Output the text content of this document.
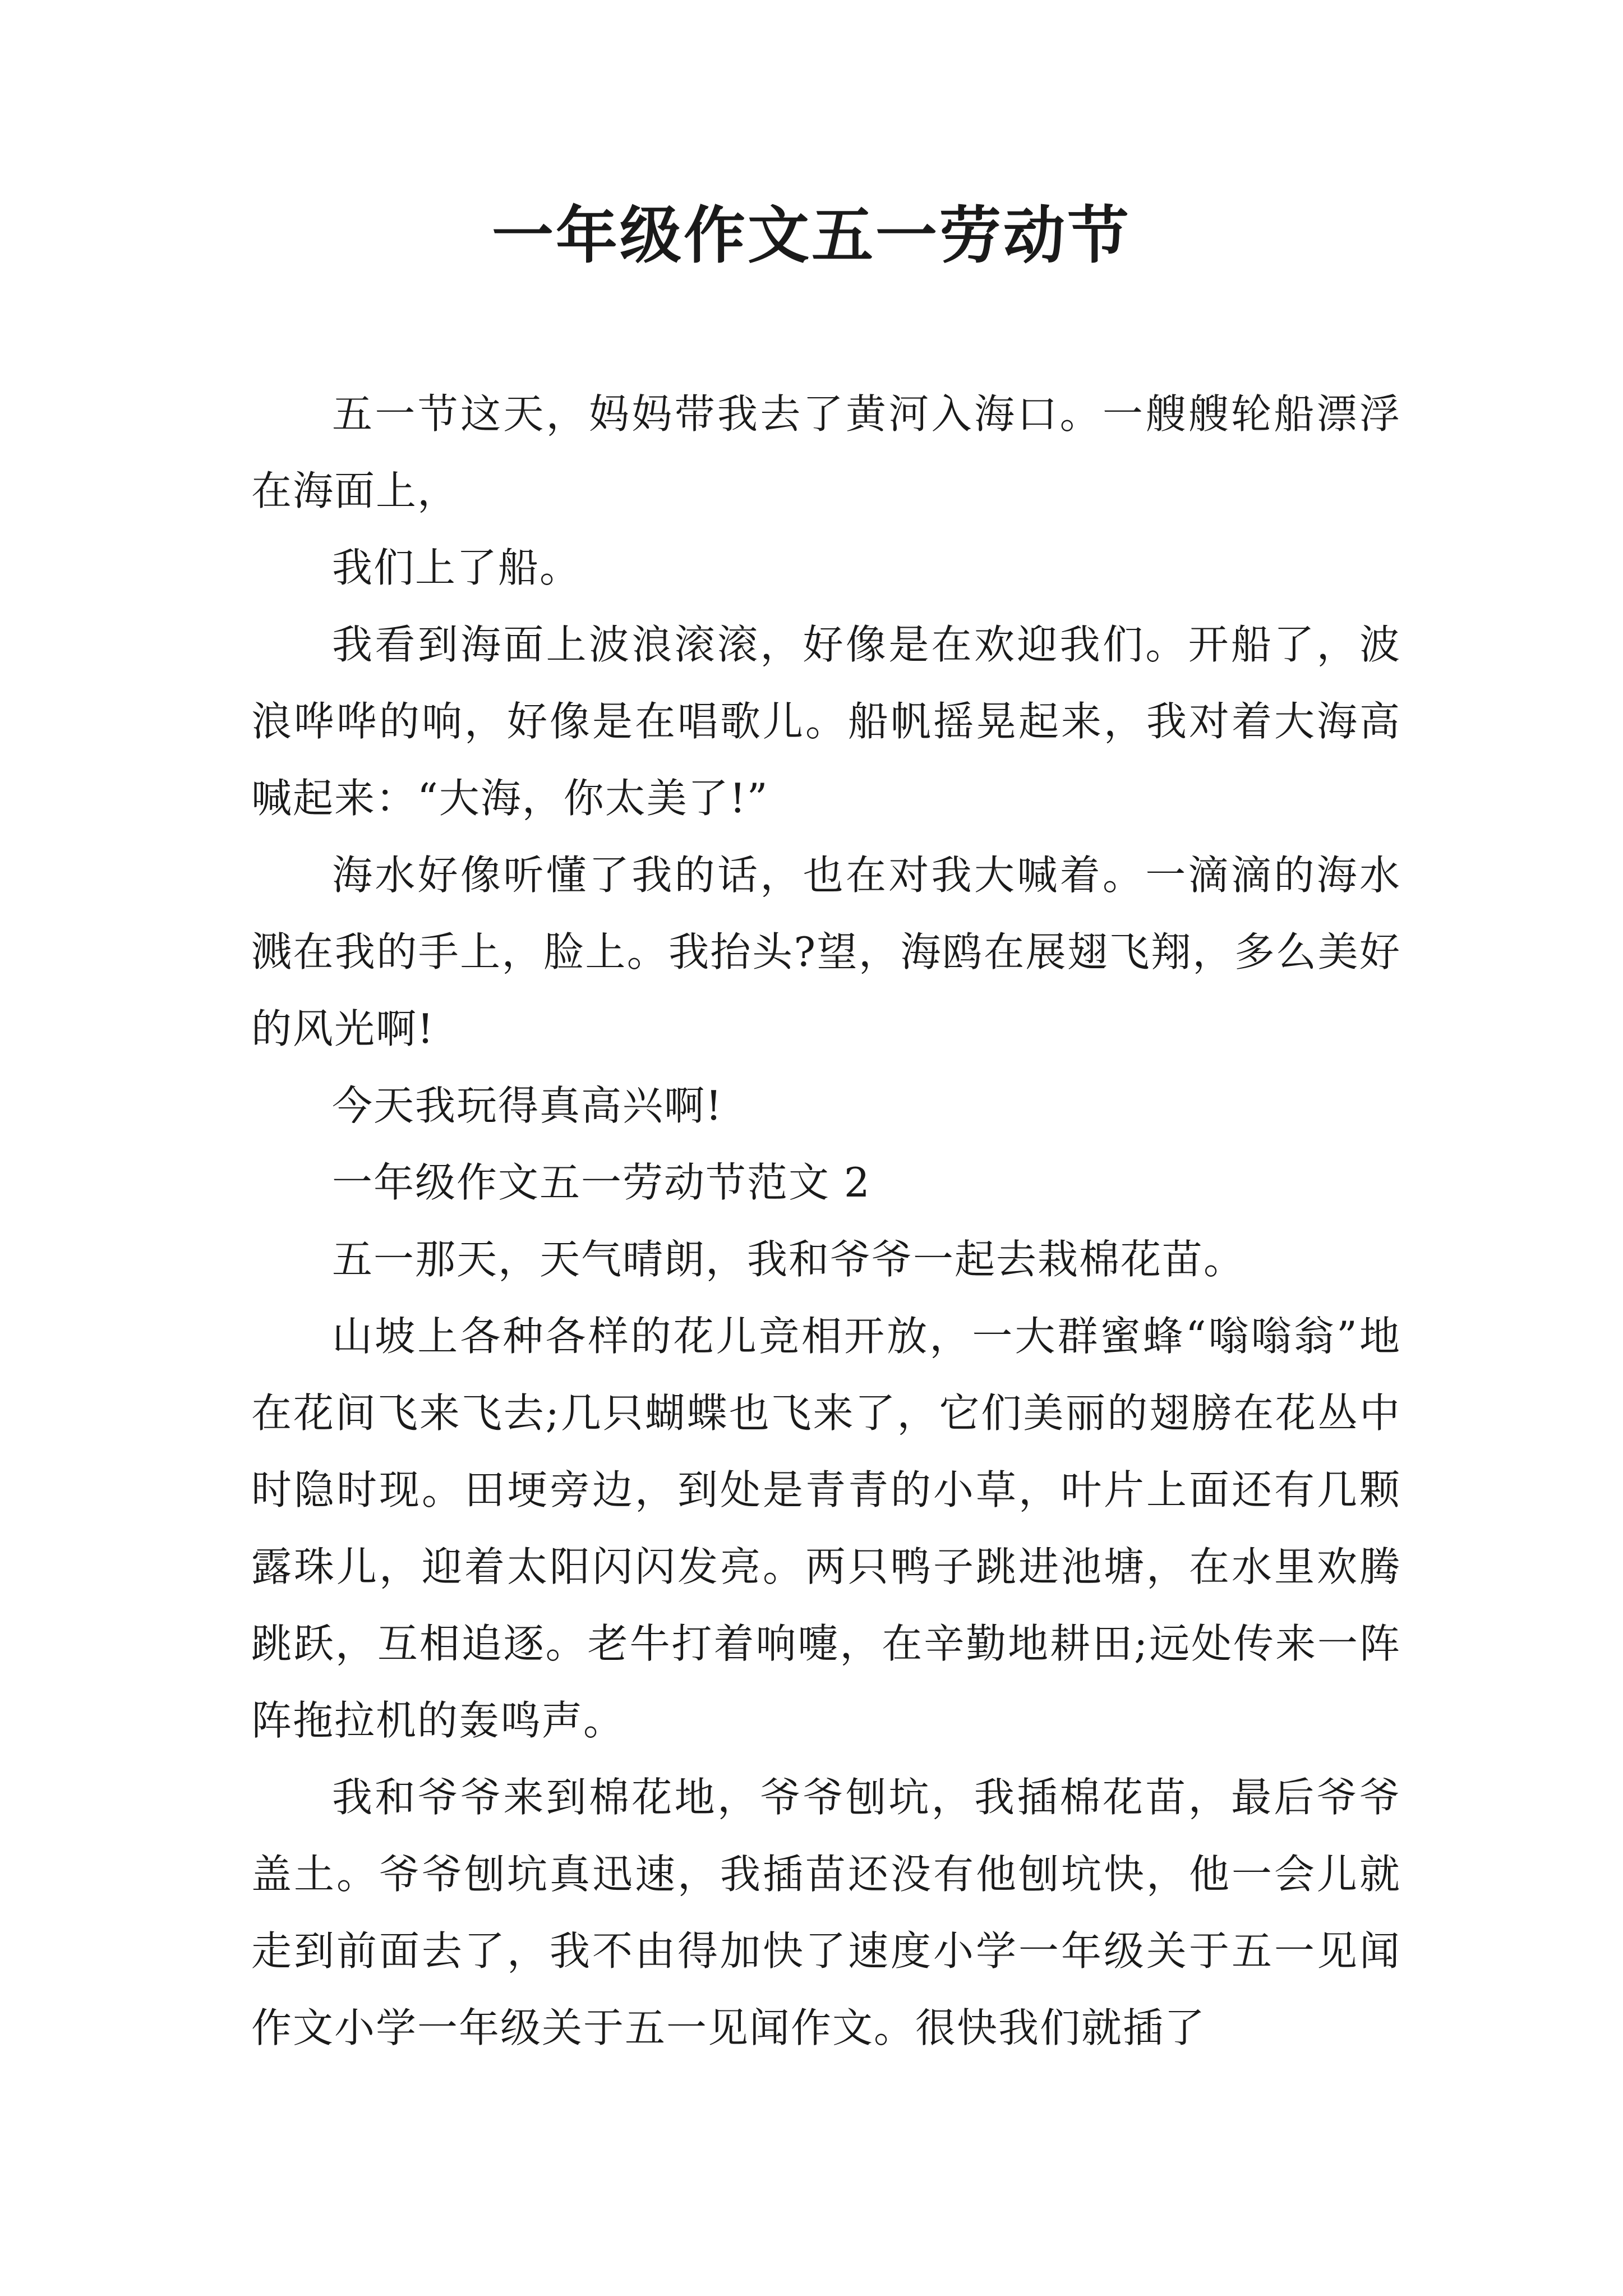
一年级作文五一劳动节

五一节这天，妈妈带我去了黄河入海口。一艘艘轮船漂浮在海面上，

我们上了船。

我看到海面上波浪滚滚，好像是在欢迎我们。开船了，波浪哗哗的响，好像是在唱歌儿。船帆摇晃起来，我对着大海高喊起来：“大海，你太美了!”

海水好像听懂了我的话，也在对我大喊着。一滴滴的海水溅在我的手上，脸上。我抬头?望，海鸥在展翅飞翔，多么美好的风光啊!

今天我玩得真高兴啊!

一年级作文五一劳动节范文 2

五一那天，天气晴朗，我和爷爷一起去栽棉花苗。

山坡上各种各样的花儿竞相开放，一大群蜜蜂“嗡嗡翁”地在花间飞来飞去;几只蝴蝶也飞来了，它们美丽的翅膀在花丛中时隐时现。田埂旁边，到处是青青的小草，叶片上面还有几颗露珠儿，迎着太阳闪闪发亮。两只鸭子跳进池塘，在水里欢腾跳跃，互相追逐。老牛打着响嚏，在辛勤地耕田;远处传来一阵阵拖拉机的轰鸣声。

我和爷爷来到棉花地，爷爷刨坑，我插棉花苗，最后爷爷盖土。爷爷刨坑真迅速，我插苗还没有他刨坑快，他一会儿就走到前面去了，我不由得加快了速度小学一年级关于五一见闻作文小学一年级关于五一见闻作文。很快我们就插了
